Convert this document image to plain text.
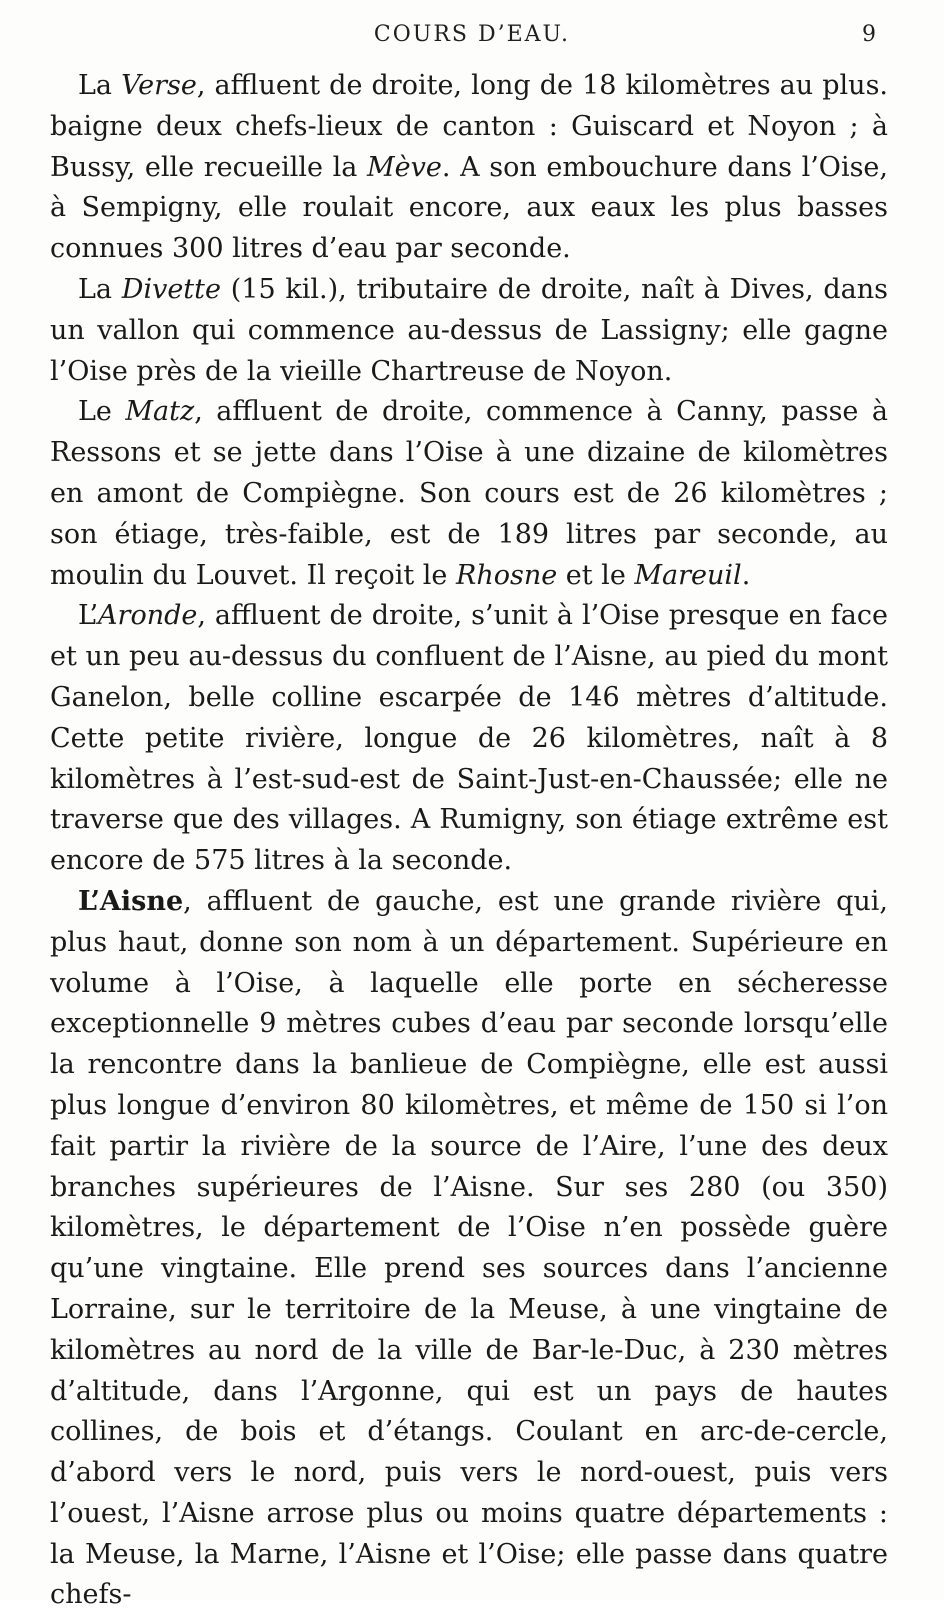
COURS D’EAU.	9

La Verse, affluent de droite, long de 18 kilomètres au plus. baigne deux chefs-lieux de canton : Guiscard et Noyon ; à Bussy, elle recueille la Mève. A son embouchure dans l’Oise, à Sempigny, elle roulait encore, aux eaux les plus basses connues 300 litres d’eau par seconde.

La Divette (15 kil.), tributaire de droite, naît à Dives, dans un vallon qui commence au-dessus de Lassigny; elle gagne l’Oise près de la vieille Chartreuse de Noyon.

Le Matz, affluent de droite, commence à Canny, passe à Ressons et se jette dans l’Oise à une dizaine de kilomètres en amont de Compiègne. Son cours est de 26 kilomètres ; son étiage, très-faible, est de 189 litres par seconde, au moulin du Louvet. Il reçoit le Rhosne et le Mareuil.

L’Aronde, affluent de droite, s’unit à l’Oise presque en face et un peu au-dessus du confluent de l’Aisne, au pied du mont Ganelon, belle colline escarpée de 146 mètres d’altitude. Cette petite rivière, longue de 26 kilomètres, naît à 8 kilomètres à l’est-sud-est de Saint-Just-en-Chaussée; elle ne traverse que des villages. A Rumigny, son étiage extrême est encore de 575 litres à la seconde.

L’Aisne, affluent de gauche, est une grande rivière qui, plus haut, donne son nom à un département. Supérieure en volume à l’Oise, à laquelle elle porte en sécheresse exceptionnelle 9 mètres cubes d’eau par seconde lorsqu’elle la rencontre dans la banlieue de Compiègne, elle est aussi plus longue d’environ 80 kilomètres, et même de 150 si l’on fait partir la rivière de la source de l’Aire, l’une des deux branches supérieures de l’Aisne. Sur ses 280 (ou 350) kilomètres, le département de l’Oise n’en possède guère qu’une vingtaine. Elle prend ses sources dans l’ancienne Lorraine, sur le territoire de la Meuse, à une vingtaine de kilomètres au nord de la ville de Bar-le-Duc, à 230 mètres d’altitude, dans l’Argonne, qui est un pays de hautes collines, de bois et d’étangs. Coulant en arc-de-cercle, d’abord vers le nord, puis vers le nord-ouest, puis vers l’ouest, l’Aisne arrose plus ou moins quatre départements : la Meuse, la Marne, l’Aisne et l’Oise; elle passe dans quatre chefs-
